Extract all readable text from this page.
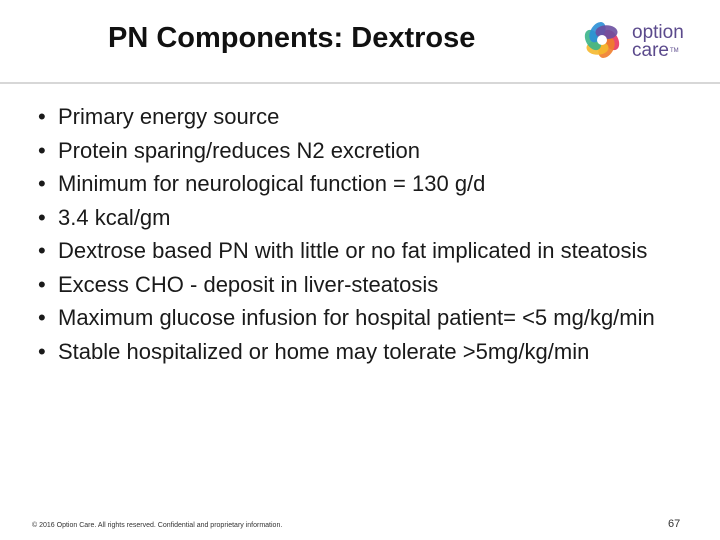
PN Components: Dextrose	option
care™
• Primary energy source
• Protein sparing/reduces N2 excretion
• Minimum for neurological function = 130 g/d
• 3.4 kcal/gm
• Dextrose based PN with little or no fat implicated in steatosis
• Excess CHO - deposit in liver-steatosis
• Maximum glucose infusion for hospital patient= <5 mg/kg/min
• Stable hospitalized or home may tolerate >5mg/kg/min
© 2016 Option Care. All rights reserved. Confidential and proprietary information.	67
